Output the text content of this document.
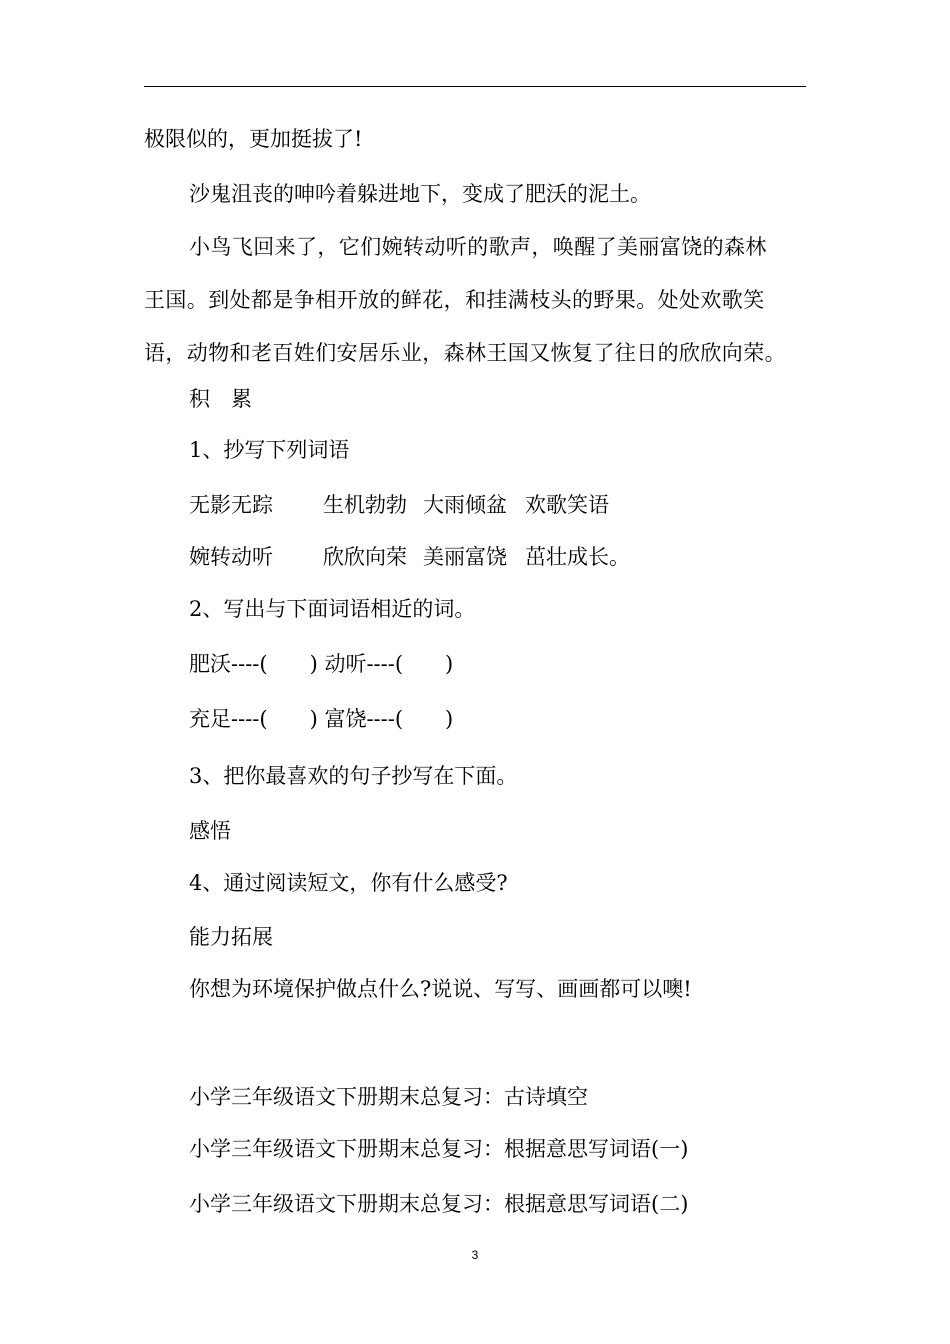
极限似的，更加挺拔了!
沙鬼沮丧的呻吟着躲进地下，变成了肥沃的泥土。
小鸟飞回来了，它们婉转动听的歌声，唤醒了美丽富饶的森林
王国。到处都是争相开放的鲜花，和挂满枝头的野果。处处欢歌笑
语，动物和老百姓们安居乐业，森林王国又恢复了往日的欣欣向荣。
积　累
1、抄写下列词语
无影无踪 生机勃勃 大雨倾盆 欢歌笑语
婉转动听 欣欣向荣 美丽富饶 茁壮成长。
2、写出与下面词语相近的词。
肥沃----(　　) 动听----(　　)
充足----(　　) 富饶----(　　)
3、把你最喜欢的句子抄写在下面。
感悟
4、通过阅读短文，你有什么感受?
能力拓展
你想为环境保护做点什么?说说、写写、画画都可以噢!
小学三年级语文下册期末总复习：古诗填空
小学三年级语文下册期末总复习：根据意思写词语(一)
小学三年级语文下册期末总复习：根据意思写词语(二)
3
